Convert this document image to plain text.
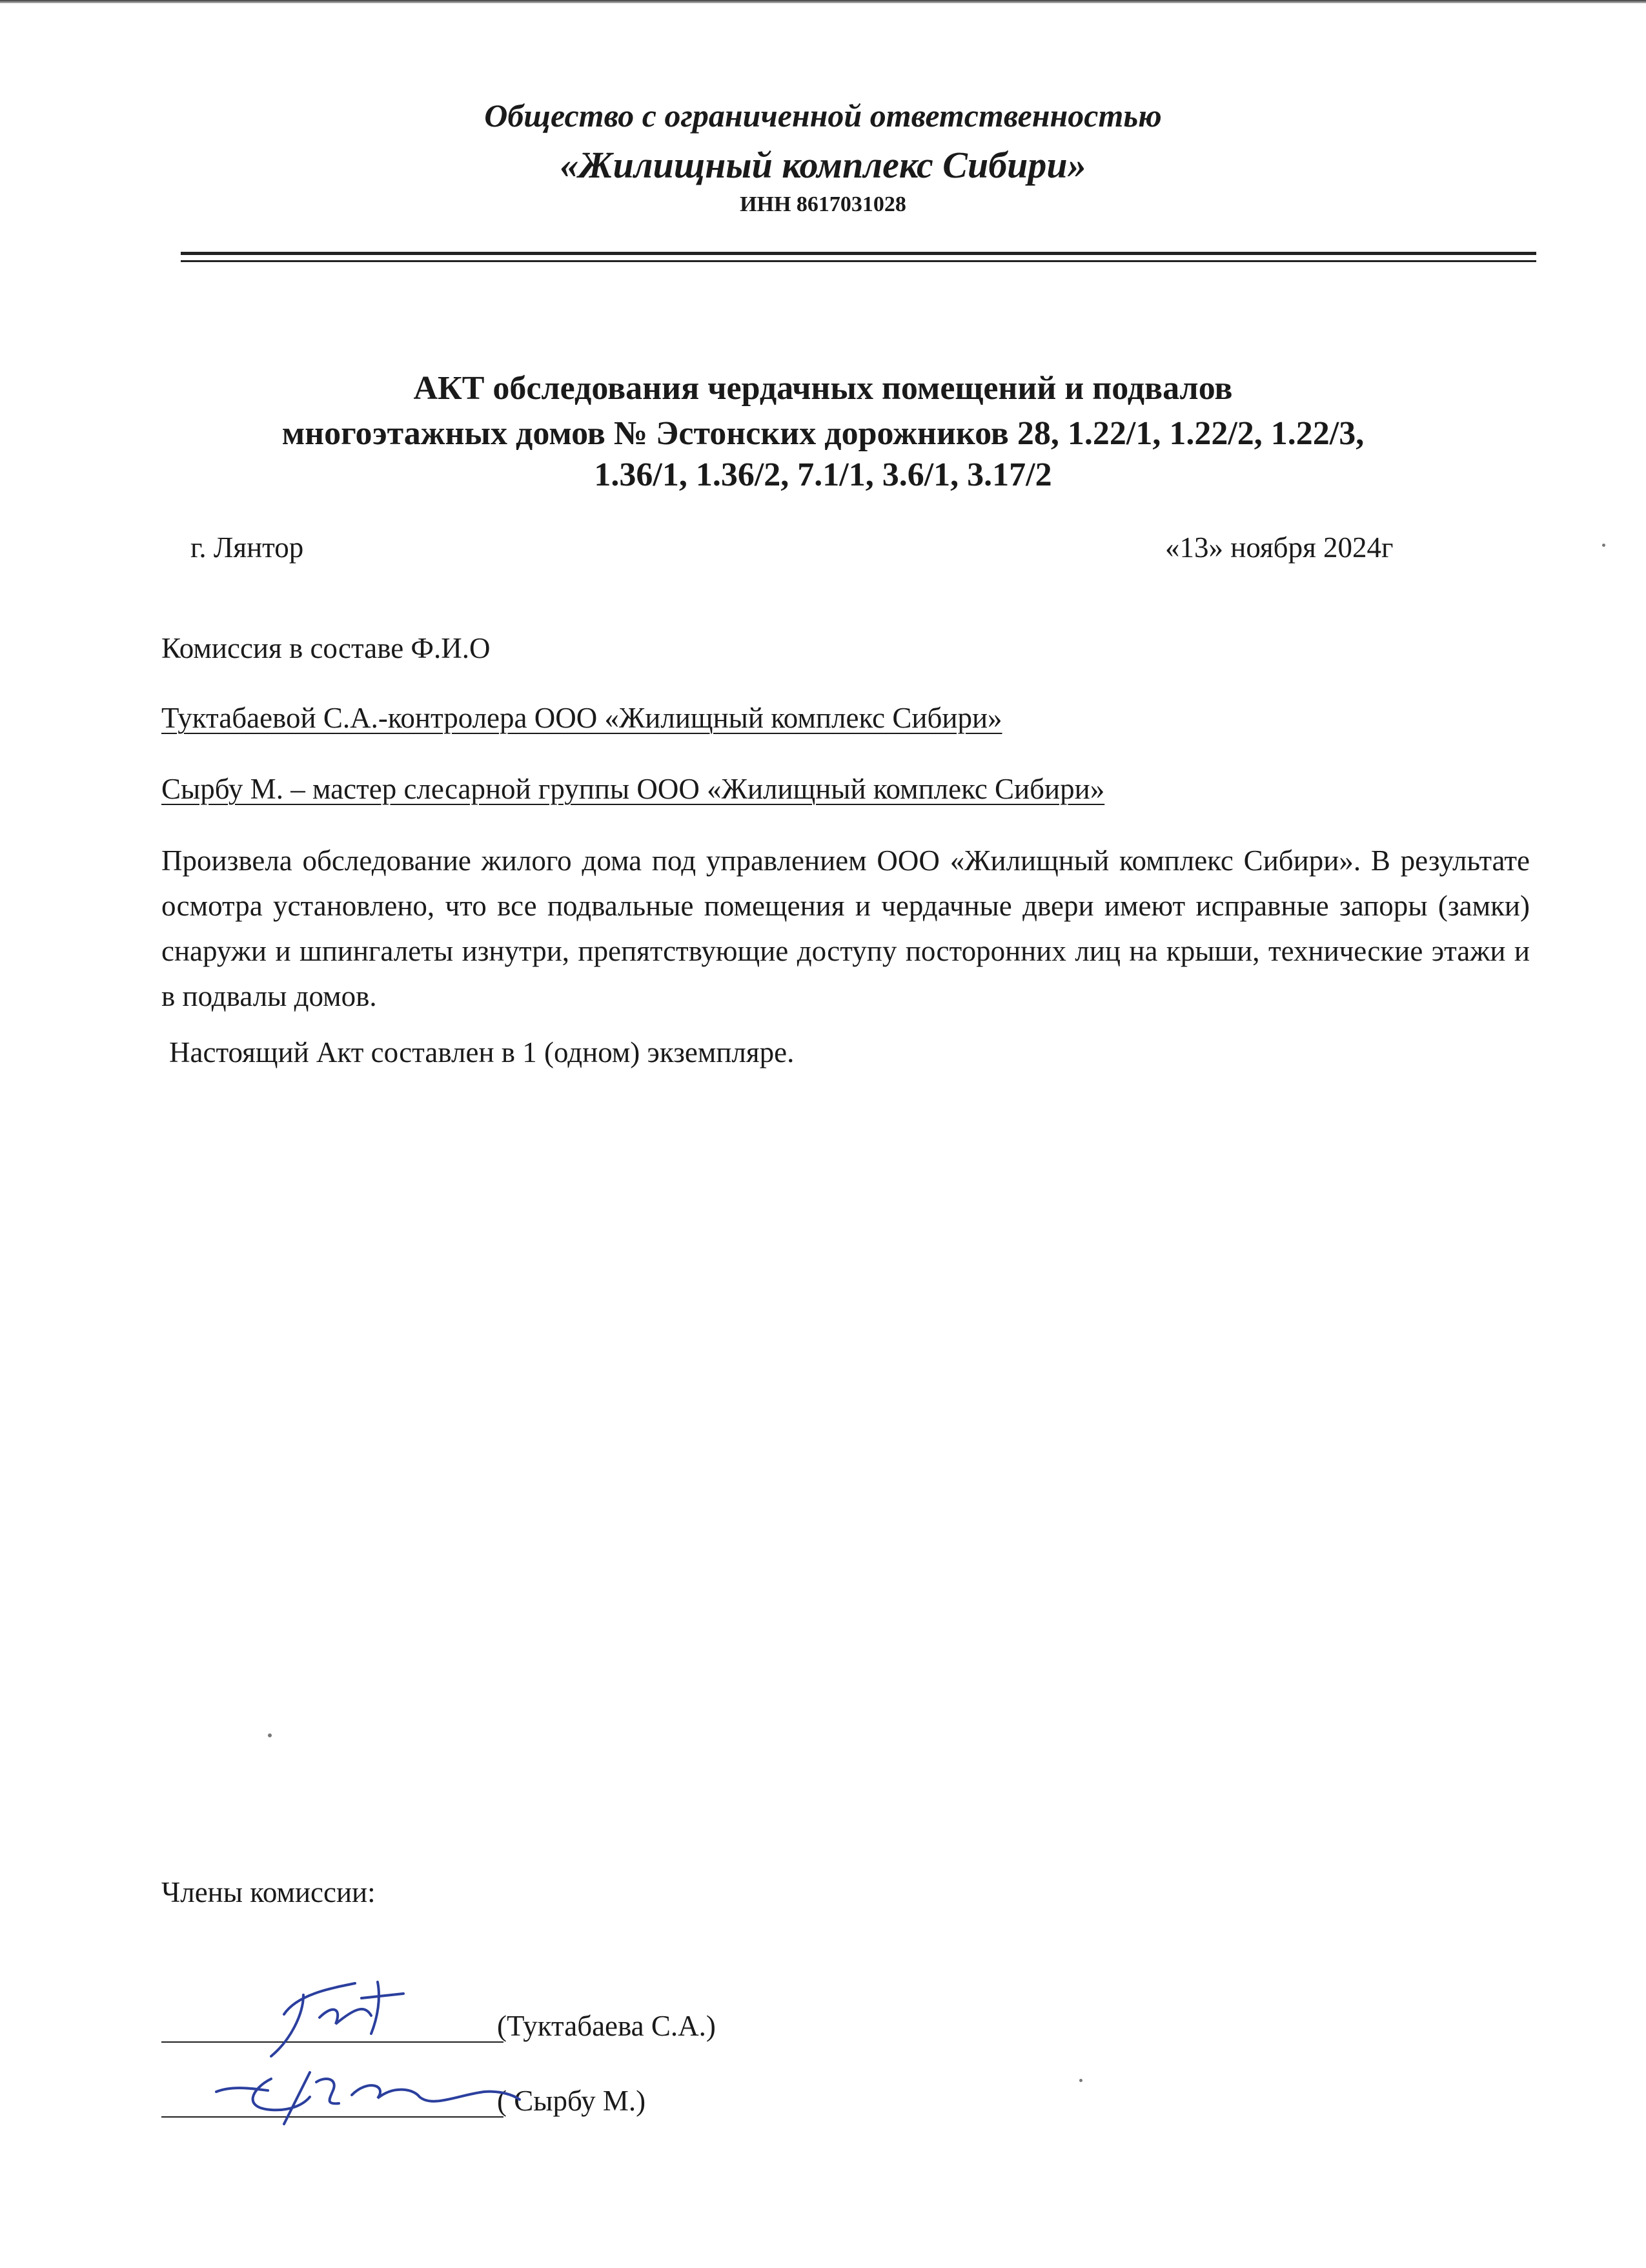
Общество с ограниченной ответственностью
«Жилищный комплекс Сибири»
ИНН 8617031028
АКТ обследования чердачных помещений и подвалов
многоэтажных домов № Эстонских дорожников 28, 1.22/1, 1.22/2, 1.22/3,
1.36/1, 1.36/2, 7.1/1, 3.6/1, 3.17/2
г. Лянтор	«13» ноября 2024г
Комиссия в составе Ф.И.О
Туктабаевой С.А.-контролера ООО «Жилищный комплекс Сибири»
Сырбу М. – мастер слесарной группы ООО «Жилищный комплекс Сибири»
Произвела обследование жилого дома под управлением ООО «Жилищный комплекс Сибири». В результате осмотра установлено, что все подвальные помещения и чердачные двери имеют исправные запоры (замки) снаружи и шпингалеты изнутри, препятствующие доступу посторонних лиц на крыши, технические этажи и в подвалы домов.
Настоящий Акт составлен в 1 (одном) экземпляре.
Члены комиссии:
(Туктабаева С.А.)
( Сырбу М.)
